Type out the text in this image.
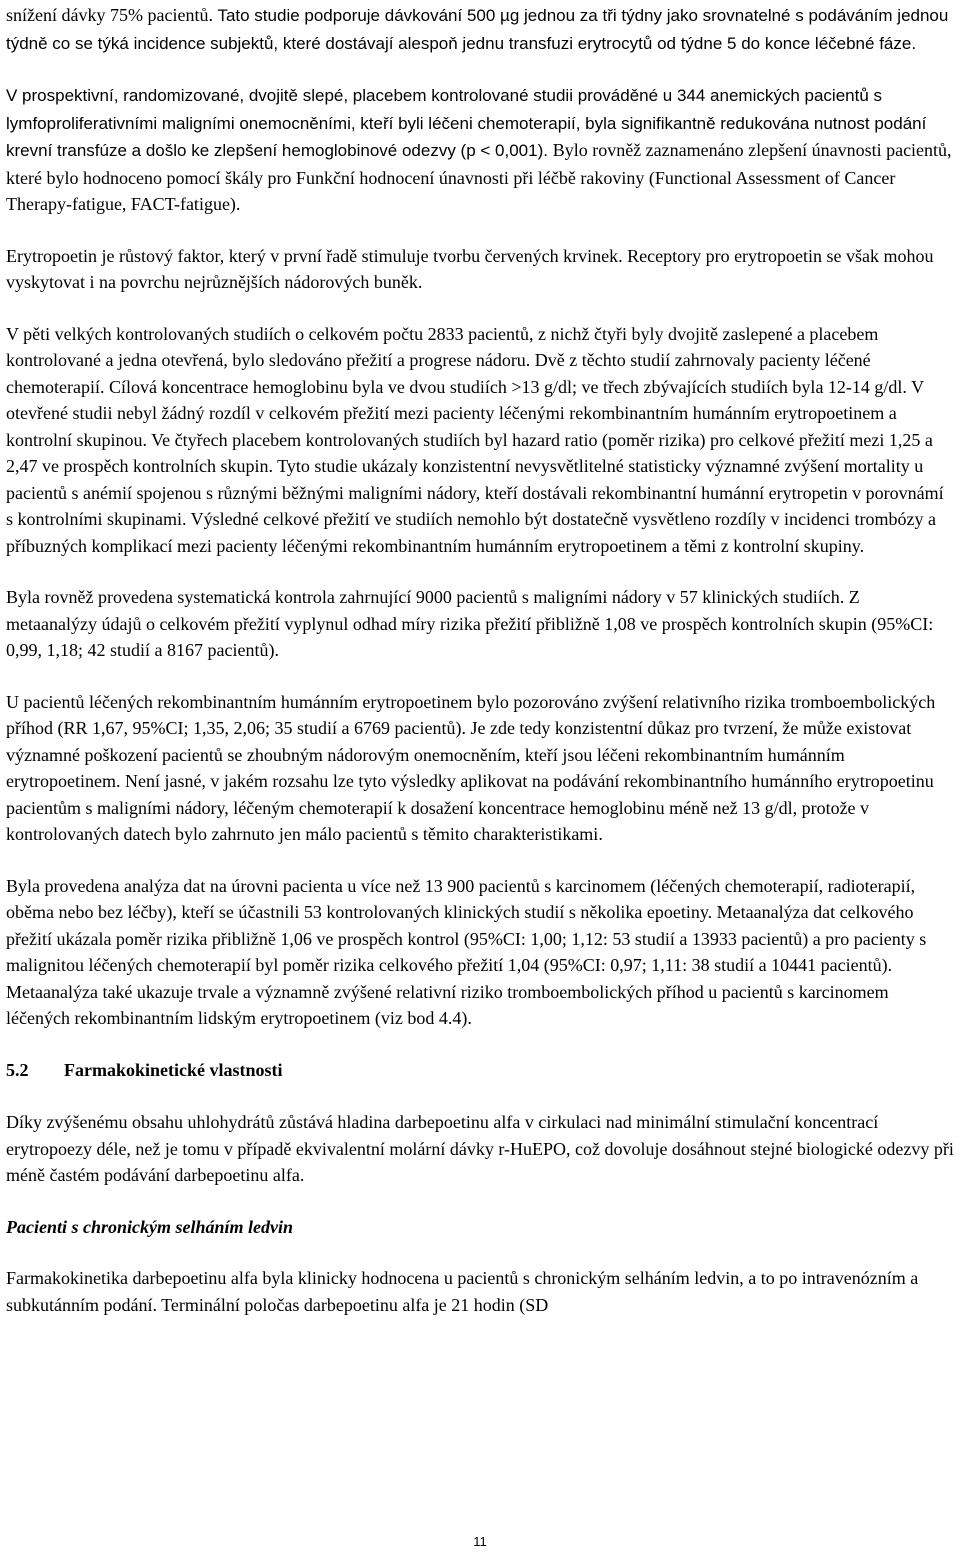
snížení dávky 75% pacientů. Tato studie podporuje dávkování 500 µg jednou za tři týdny jako srovnatelné s podáváním jednou týdně co se týká incidence subjektů, které dostávají alespoň jednu transfuzi erytrocytů od týdne 5 do konce léčebné fáze.

V prospektivní, randomizované, dvojitě slepé, placebem kontrolované studii prováděné u 344 anemických pacientů s lymfoproliferativními maligními onemocněními, kteří byli léčeni chemoterapií, byla signifikantně redukována nutnost podání krevní transfúze a došlo ke zlepšení hemoglobinové odezvy (p < 0,001). Bylo rovněž zaznamenáno zlepšení únavnosti pacientů, které bylo hodnoceno pomocí škály pro Funkční hodnocení únavnosti při léčbě rakoviny (Functional Assessment of Cancer Therapy-fatigue, FACT-fatigue).

Erytropoetin je růstový faktor, který v první řadě stimuluje tvorbu červených krvinek. Receptory pro erytropoetin se však mohou vyskytovat i na povrchu nejrůznějších nádorových buněk.

V pěti velkých kontrolovaných studiích o celkovém počtu 2833 pacientů, z nichž čtyři byly dvojitě zaslepené a placebem kontrolované a jedna otevřená, bylo sledováno přežití a progrese nádoru. Dvě z těchto studií zahrnovaly pacienty léčené chemoterapií. Cílová koncentrace hemoglobinu byla ve dvou studiích >13 g/dl; ve třech zbývajících studiích byla 12-14 g/dl. V otevřené studii nebyl žádný rozdíl v celkovém přežití mezi pacienty léčenými rekombinantním humánním erytropoetinem a kontrolní skupinou. Ve čtyřech placebem kontrolovaných studiích byl hazard ratio (poměr rizika) pro celkové přežití mezi 1,25 a 2,47 ve prospěch kontrolních skupin. Tyto studie ukázaly konzistentní nevysvětlitelné statisticky významné zvýšení mortality u pacientů s anémií spojenou s různými běžnými maligními nádory, kteří dostávali rekombinantní humánní erytropetin v porovnámí s kontrolními skupinami. Výsledné celkové přežití ve studiích nemohlo být dostatečně vysvětleno rozdíly v incidenci trombózy a příbuzných komplikací mezi pacienty léčenými rekombinantním humánním erytropoetinem a těmi z kontrolní skupiny.

Byla rovněž provedena systematická kontrola zahrnující 9000 pacientů s maligními nádory v 57 klinických studiích. Z metaanalýzy údajů o celkovém přežití vyplynul odhad míry rizika přežití přibližně 1,08 ve prospěch kontrolních skupin (95%CI: 0,99, 1,18; 42 studií a 8167 pacientů).

U pacientů léčených rekombinantním humánním erytropoetinem bylo pozorováno zvýšení relativního rizika tromboembolických příhod (RR 1,67, 95%CI; 1,35, 2,06; 35 studií a 6769 pacientů). Je zde tedy konzistentní důkaz pro tvrzení, že může existovat významné poškození pacientů se zhoubným nádorovým onemocněním, kteří jsou léčeni rekombinantním humánním erytropoetinem. Není jasné, v jakém rozsahu lze tyto výsledky aplikovat na podávání rekombinantního humánního erytropoetinu pacientům s maligními nádory, léčeným chemoterapií k dosažení koncentrace hemoglobinu méně než 13 g/dl, protože v kontrolovaných datech bylo zahrnuto jen málo pacientů s těmito charakteristikami.

Byla provedena analýza dat na úrovni pacienta u více než 13 900 pacientů s karcinomem (léčených chemoterapií, radioterapií, oběma nebo bez léčby), kteří se účastnili 53 kontrolovaných klinických studií s několika epoetiny. Metaanalýza dat celkového přežití ukázala poměr rizika přibližně 1,06 ve prospěch kontrol (95%CI: 1,00; 1,12: 53 studií a 13933 pacientů) a pro pacienty s malignitou léčených chemoterapií byl poměr rizika celkového přežití 1,04 (95%CI: 0,97; 1,11: 38 studií a 10441 pacientů). Metaanalýza také ukazuje trvale a významně zvýšené relativní riziko tromboembolických příhod u pacientů s karcinomem léčených rekombinantním lidským erytropoetinem (viz bod 4.4).

5.2 Farmakokinetické vlastnosti

Díky zvýšenému obsahu uhlohydrátů zůstává hladina darbepoetinu alfa v cirkulaci nad minimální stimulační koncentrací erytropoezy déle, než je tomu v případě ekvivalentní molární dávky r-HuEPO, což dovoluje dosáhnout stejné biologické odezvy při méně častém podávání darbepoetinu alfa.

Pacienti s chronickým selháním ledvin

Farmakokinetika darbepoetinu alfa byla klinicky hodnocena u pacientů s chronickým selháním ledvin, a to po intravenózním a subkutánním podání. Terminální poločas darbepoetinu alfa je 21 hodin (SD

11
